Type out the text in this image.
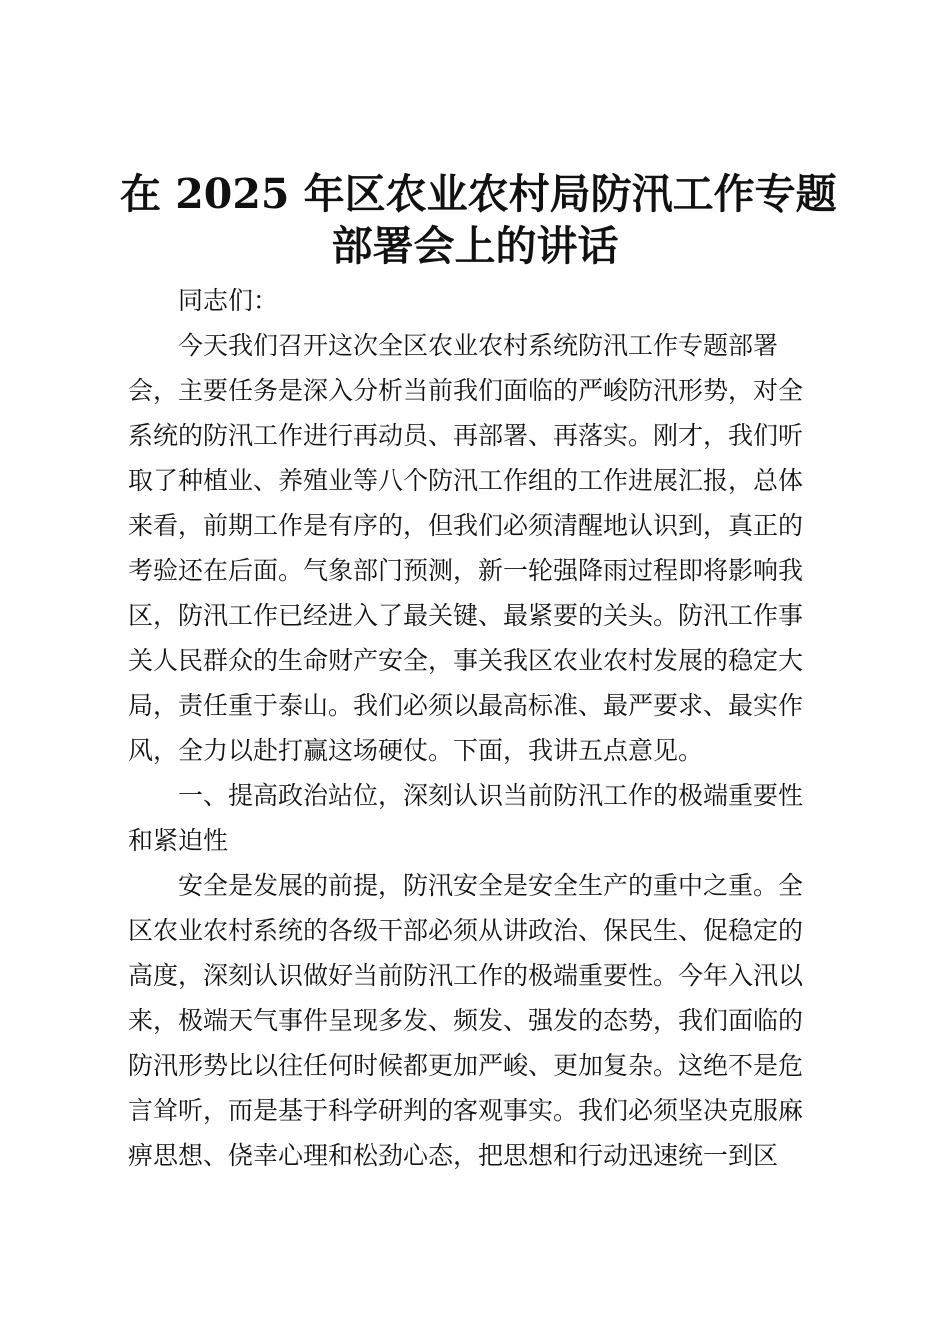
在 2025 年区农业农村局防汛工作专题
部署会上的讲话
同志们：
今天我们召开这次全区农业农村系统防汛工作专题部署
会，主要任务是深入分析当前我们面临的严峻防汛形势，对全
系统的防汛工作进行再动员、再部署、再落实。刚才，我们听
取了种植业、养殖业等八个防汛工作组的工作进展汇报，总体
来看，前期工作是有序的，但我们必须清醒地认识到，真正的
考验还在后面。气象部门预测，新一轮强降雨过程即将影响我
区，防汛工作已经进入了最关键、最紧要的关头。防汛工作事
关人民群众的生命财产安全，事关我区农业农村发展的稳定大
局，责任重于泰山。我们必须以最高标准、最严要求、最实作
风，全力以赴打赢这场硬仗。下面，我讲五点意见。
一、提高政治站位，深刻认识当前防汛工作的极端重要性
和紧迫性
安全是发展的前提，防汛安全是安全生产的重中之重。全
区农业农村系统的各级干部必须从讲政治、保民生、促稳定的
高度，深刻认识做好当前防汛工作的极端重要性。今年入汛以
来，极端天气事件呈现多发、频发、强发的态势，我们面临的
防汛形势比以往任何时候都更加严峻、更加复杂。这绝不是危
言耸听，而是基于科学研判的客观事实。我们必须坚决克服麻
痹思想、侥幸心理和松劲心态，把思想和行动迅速统一到区
